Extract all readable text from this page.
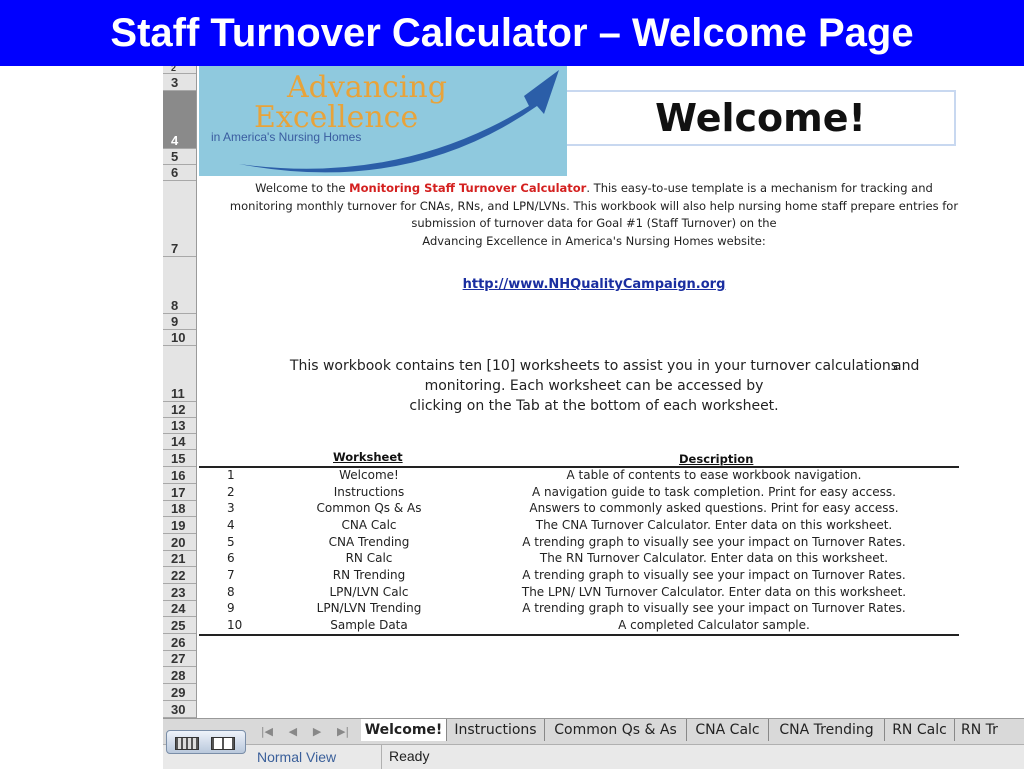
Staff Turnover Calculator – Welcome Page
2
3
4
5
6
7
8
9
10
11
12
13
14
15
16
17
18
19
20
21
22
23
24
25
26
27
28
29
30
Advancing
Excellence
in America's Nursing Homes	Welcome!
Welcome to the Monitoring Staff Turnover Calculator. This easy-to-use template is a mechanism for tracking and
monitoring monthly turnover for CNAs, RNs, and LPN/LVNs. This workbook will also help nursing home staff prepare entries for
submission of turnover data for Goal #1 (Staff Turnover) on the
Advancing Excellence in America's Nursing Homes website:
http://www.NHQualityCampaign.org
This workbook contains ten [10] worksheets to assist you in your turnover calculations
and
monitoring. Each worksheet can be accessed by
clicking on the Tab at the bottom of each worksheet.
Worksheet	Description
1	Welcome!	A table of contents to ease workbook navigation.
2	Instructions	A navigation guide to task completion. Print for easy access.
3	Common Qs & As	Answers to commonly asked questions. Print for easy access.
4	CNA Calc	The CNA Turnover Calculator. Enter data on this worksheet.
5	CNA Trending	A trending graph to visually see your impact on Turnover Rates.
6	RN Calc	The RN Turnover Calculator. Enter data on this worksheet.
7	RN Trending	A trending graph to visually see your impact on Turnover Rates.
8	LPN/LVN Calc	The LPN/ LVN Turnover Calculator. Enter data on this worksheet.
9	LPN/LVN Trending	A trending graph to visually see your impact on Turnover Rates.
10	Sample Data	A completed Calculator sample.
|◀ ◀ ▶ ▶| Welcome! Instructions	Common Qs & As	CNA Calc	CNA Trending	RN Calc	RN Tr
Normal View	Ready
